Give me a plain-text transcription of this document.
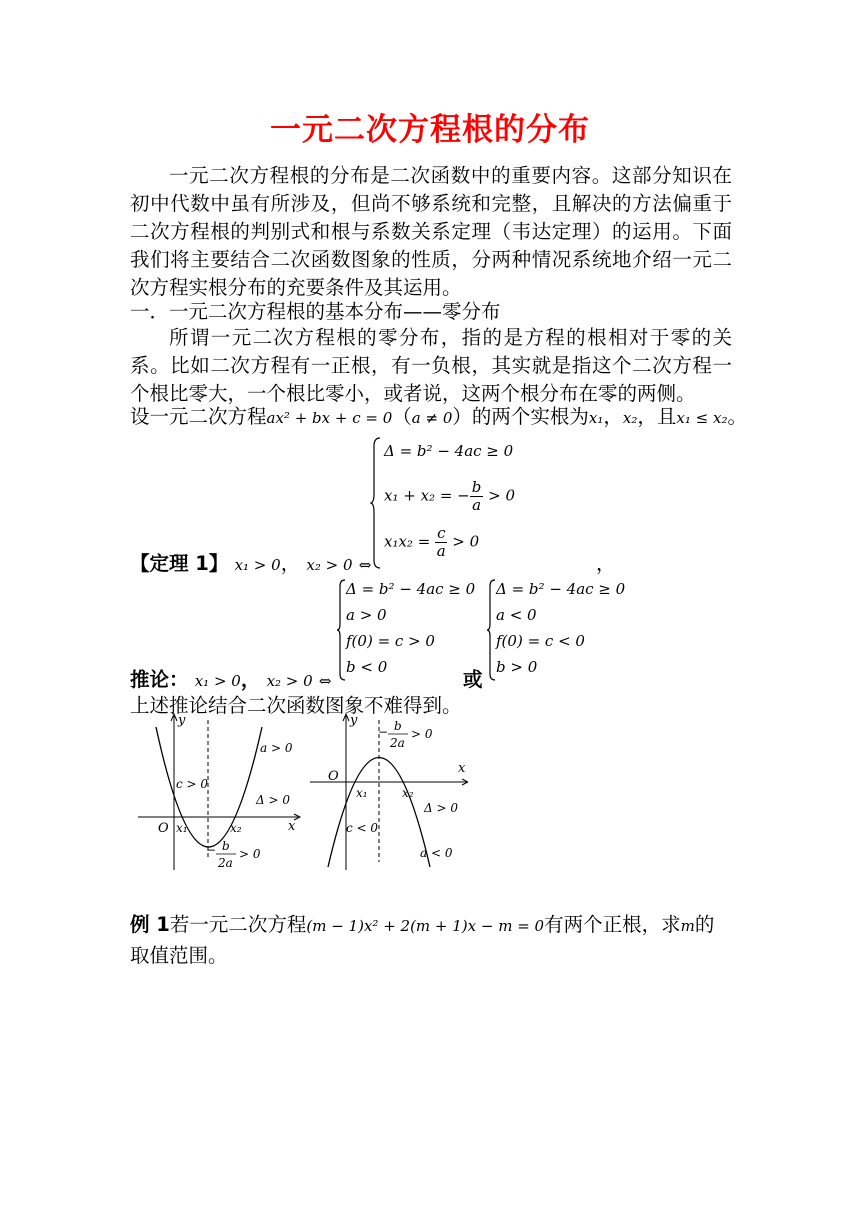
一元二次方程根的分布
一元二次方程根的分布是二次函数中的重要内容。这部分知识在初中代数中虽有所涉及，但尚不够系统和完整，且解决的方法偏重于二次方程根的判别式和根与系数关系定理（韦达定理）的运用。下面我们将主要结合二次函数图象的性质，分两种情况系统地介绍一元二次方程实根分布的充要条件及其运用。
一．一元二次方程根的基本分布——零分布
所谓一元二次方程根的零分布，指的是方程的根相对于零的关系。比如二次方程有一正根，有一负根，其实就是指这个二次方程一个根比零大，一个根比零小，或者说，这两个根分布在零的两侧。
设一元二次方程ax² + bx + c = 0（a ≠ 0）的两个实根为x₁，x₂，且x₁ ≤ x₂。
Δ = b² − 4ac ≥ 0
x₁ + x₂ = − $\frac{b}{a} > 0$
$x_1x_2 = \frac{c}{a} > 0$
【定理 1】 x₁ > 0， x₂ > 0 ⇔	，
Δ = b² − 4ac ≥ 0
a > 0
f(0) = c > 0
b < 0
Δ = b² − 4ac ≥ 0
a < 0
f(0) = c < 0
b > 0
推论： x₁ > 0， x₂ > 0 ⇔	或
上述推论结合二次函数图象不难得到。
y
x
O x₁	x₂
a > 0
c > 0
Δ > 0
− b
2a
> 0
y
x
O
x₁	x₂
a < 0
c < 0
Δ > 0
− b
2a
> 0
例 1若一元二次方程(m − 1)x² + 2(m + 1)x − m = 0有两个正根，求m的取值范围。
